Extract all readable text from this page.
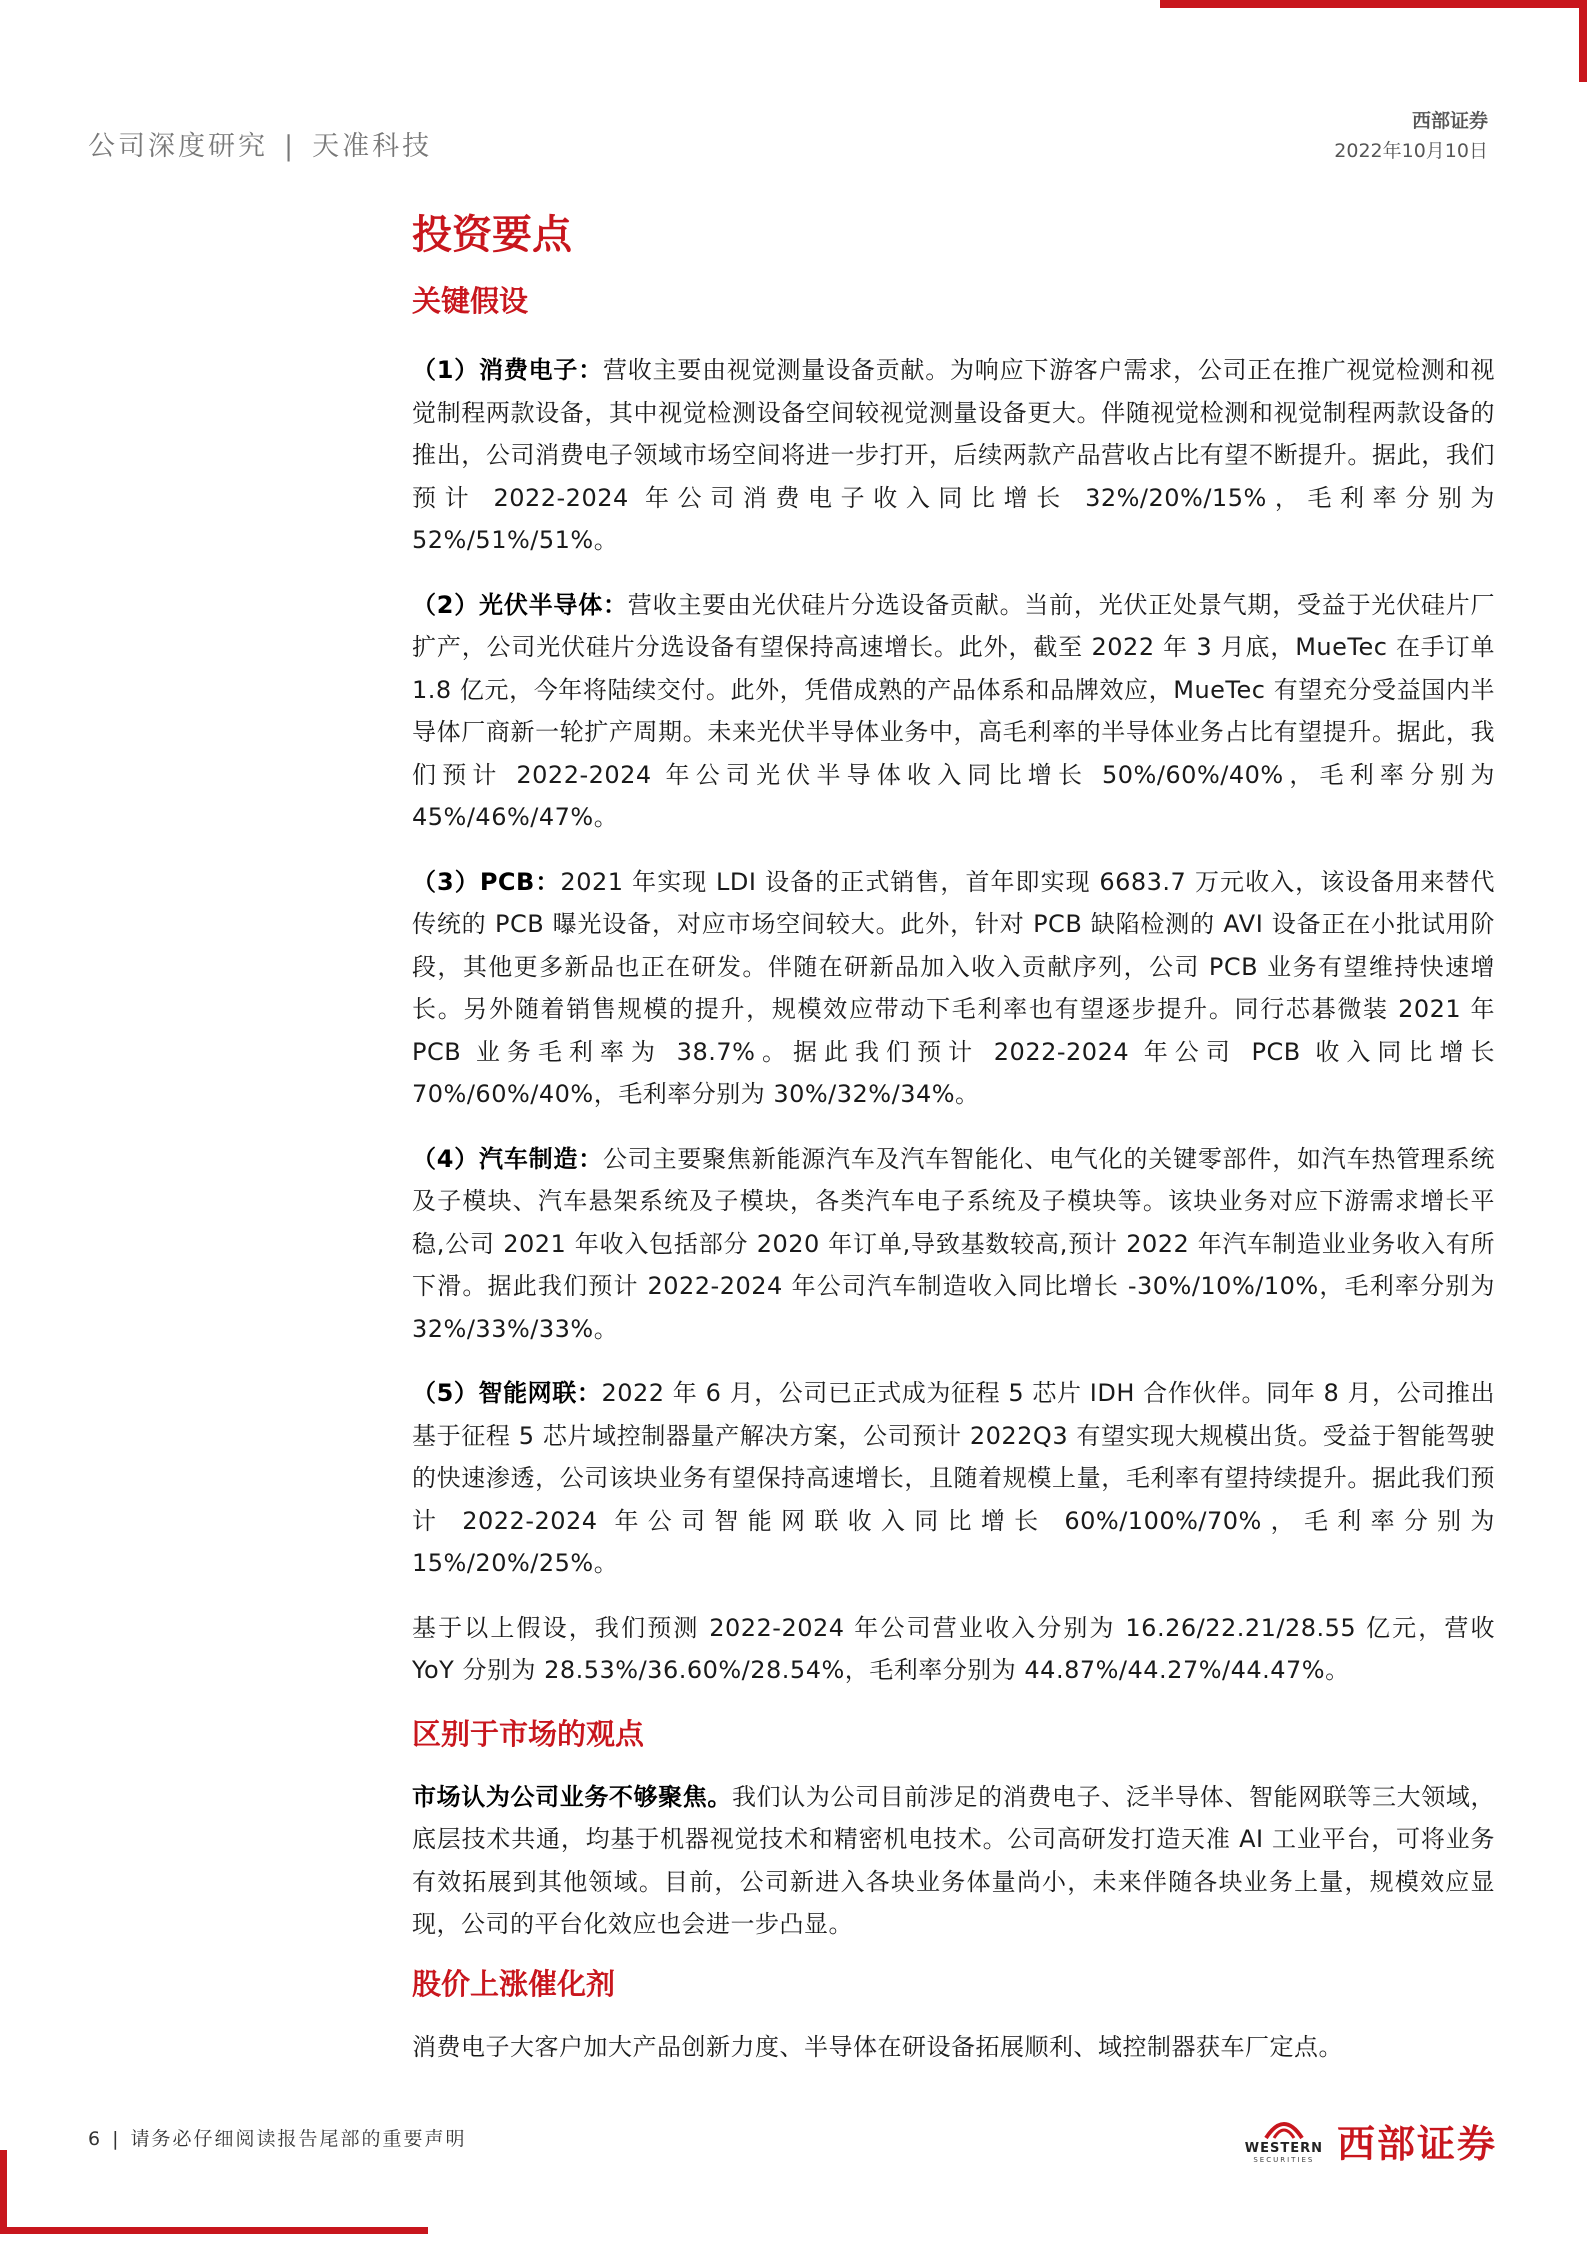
公司深度研究 | 天准科技
西部证券
2022年10月10日
投资要点
关键假设

（1）消费电子：营收主要由视觉测量设备贡献。为响应下游客户需求，公司正在推广视觉检测和视觉制程两款设备，其中视觉检测设备空间较视觉测量设备更大。伴随视觉检测和视觉制程两款设备的推出，公司消费电子领域市场空间将进一步打开，后续两款产品营收占比有望不断提升。据此，我们预计 2022-2024 年公司消费电子收入同比增长 32%/20%/15%，毛利率分别为 52%/51%/51%。

（2）光伏半导体：营收主要由光伏硅片分选设备贡献。当前，光伏正处景气期，受益于光伏硅片厂扩产，公司光伏硅片分选设备有望保持高速增长。此外，截至 2022 年 3 月底，MueTec 在手订单 1.8 亿元，今年将陆续交付。此外，凭借成熟的产品体系和品牌效应，MueTec 有望充分受益国内半导体厂商新一轮扩产周期。未来光伏半导体业务中，高毛利率的半导体业务占比有望提升。据此，我们预计 2022-2024 年公司光伏半导体收入同比增长 50%/60%/40%，毛利率分别为 45%/46%/47%。

（3）PCB：2021 年实现 LDI 设备的正式销售，首年即实现 6683.7 万元收入，该设备用来替代传统的 PCB 曝光设备，对应市场空间较大。此外，针对 PCB 缺陷检测的 AVI 设备正在小批试用阶段，其他更多新品也正在研发。伴随在研新品加入收入贡献序列，公司 PCB 业务有望维持快速增长。另外随着销售规模的提升，规模效应带动下毛利率也有望逐步提升。同行芯碁微装 2021 年 PCB 业务毛利率为 38.7%。据此我们预计 2022-2024 年公司 PCB 收入同比增长 70%/60%/40%，毛利率分别为 30%/32%/34%。

（4）汽车制造：公司主要聚焦新能源汽车及汽车智能化、电气化的关键零部件，如汽车热管理系统及子模块、汽车悬架系统及子模块，各类汽车电子系统及子模块等。该块业务对应下游需求增长平稳,公司 2021 年收入包括部分 2020 年订单,导致基数较高,预计 2022 年汽车制造业业务收入有所下滑。据此我们预计 2022-2024 年公司汽车制造收入同比增长 -30%/10%/10%，毛利率分别为 32%/33%/33%。

（5）智能网联：2022 年 6 月，公司已正式成为征程 5 芯片 IDH 合作伙伴。同年 8 月，公司推出基于征程 5 芯片域控制器量产解决方案，公司预计 2022Q3 有望实现大规模出货。受益于智能驾驶的快速渗透，公司该块业务有望保持高速增长，且随着规模上量，毛利率有望持续提升。据此我们预计 2022-2024 年公司智能网联收入同比增长 60%/100%/70%，毛利率分别为 15%/20%/25%。

基于以上假设，我们预测 2022-2024 年公司营业收入分别为 16.26/22.21/28.55 亿元，营收 YoY 分别为 28.53%/36.60%/28.54%，毛利率分别为 44.87%/44.27%/44.47%。

区别于市场的观点

市场认为公司业务不够聚焦。我们认为公司目前涉足的消费电子、泛半导体、智能网联等三大领域，底层技术共通，均基于机器视觉技术和精密机电技术。公司高研发打造天准 AI 工业平台，可将业务有效拓展到其他领域。目前，公司新进入各块业务体量尚小，未来伴随各块业务上量，规模效应显现，公司的平台化效应也会进一步凸显。

股价上涨催化剂

消费电子大客户加大产品创新力度、半导体在研设备拓展顺利、域控制器获车厂定点。

6 | 请务必仔细阅读报告尾部的重要声明	WESTERN
SECURITIES 西部证券
